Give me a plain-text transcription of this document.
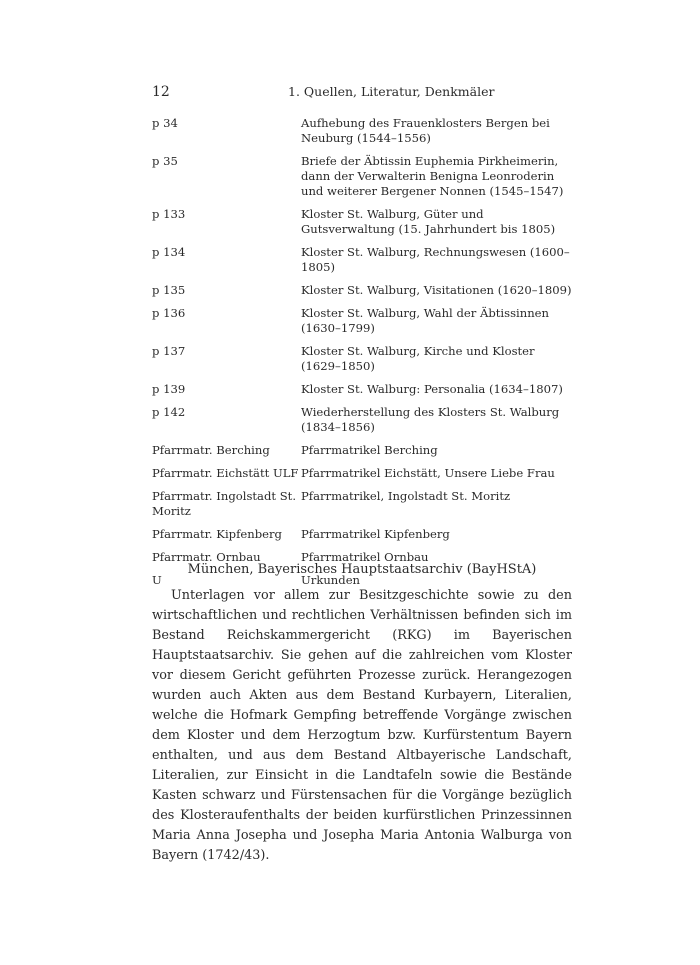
12	1. Quellen, Literatur, Denkmäler
p 34	Aufhebung des Frauenklosters Bergen bei Neuburg (1544–1556)
p 35	Briefe der Äbtissin Euphemia Pirkheimerin, dann der Verwalterin Benigna Leonroderin und weiterer Bergener Nonnen (1545–1547)
p 133	Kloster St. Walburg, Güter und Gutsverwaltung (15. Jahrhundert bis 1805)
p 134	Kloster St. Walburg, Rechnungswesen (1600–1805)
p 135	Kloster St. Walburg, Visitationen (1620–1809)
p 136	Kloster St. Walburg, Wahl der Äbtissinnen (1630–1799)
p 137	Kloster St. Walburg, Kirche und Kloster (1629–1850)
p 139	Kloster St. Walburg: Personalia (1634–1807)
p 142	Wiederherstellung des Klosters St. Walburg (1834–1856)
Pfarrmatr. Berching	Pfarrmatrikel Berching
Pfarrmatr. Eichstätt ULF	Pfarrmatrikel Eichstätt, Unsere Liebe Frau
Pfarrmatr. Ingolstadt St. Moritz	Pfarrmatrikel, Ingolstadt St. Moritz
Pfarrmatr. Kipfenberg	Pfarrmatrikel Kipfenberg
Pfarrmatr. Ornbau	Pfarrmatrikel Ornbau
U	Urkunden
München, Bayerisches Hauptstaatsarchiv (BayHStA)

Unterlagen vor allem zur Besitzgeschichte sowie zu den wirtschaftlichen und rechtlichen Verhältnissen befinden sich im Bestand Reichskammergericht (RKG) im Bayerischen Hauptstaatsarchiv. Sie gehen auf die zahlreichen vom Kloster vor diesem Gericht geführten Prozesse zurück. Herangezogen wurden auch Akten aus dem Bestand Kurbayern, Literalien, welche die Hofmark Gempfing betreffende Vorgänge zwischen dem Kloster und dem Herzogtum bzw. Kurfürstentum Bayern enthalten, und aus dem Bestand Altbayerische Landschaft, Literalien, zur Einsicht in die Landtafeln sowie die Bestände Kasten schwarz und Fürstensachen für die Vorgänge bezüglich des Klosteraufenthalts der beiden kurfürstlichen Prinzessinnen Maria Anna Josepha und Josepha Maria Antonia Walburga von Bayern (1742/43).
